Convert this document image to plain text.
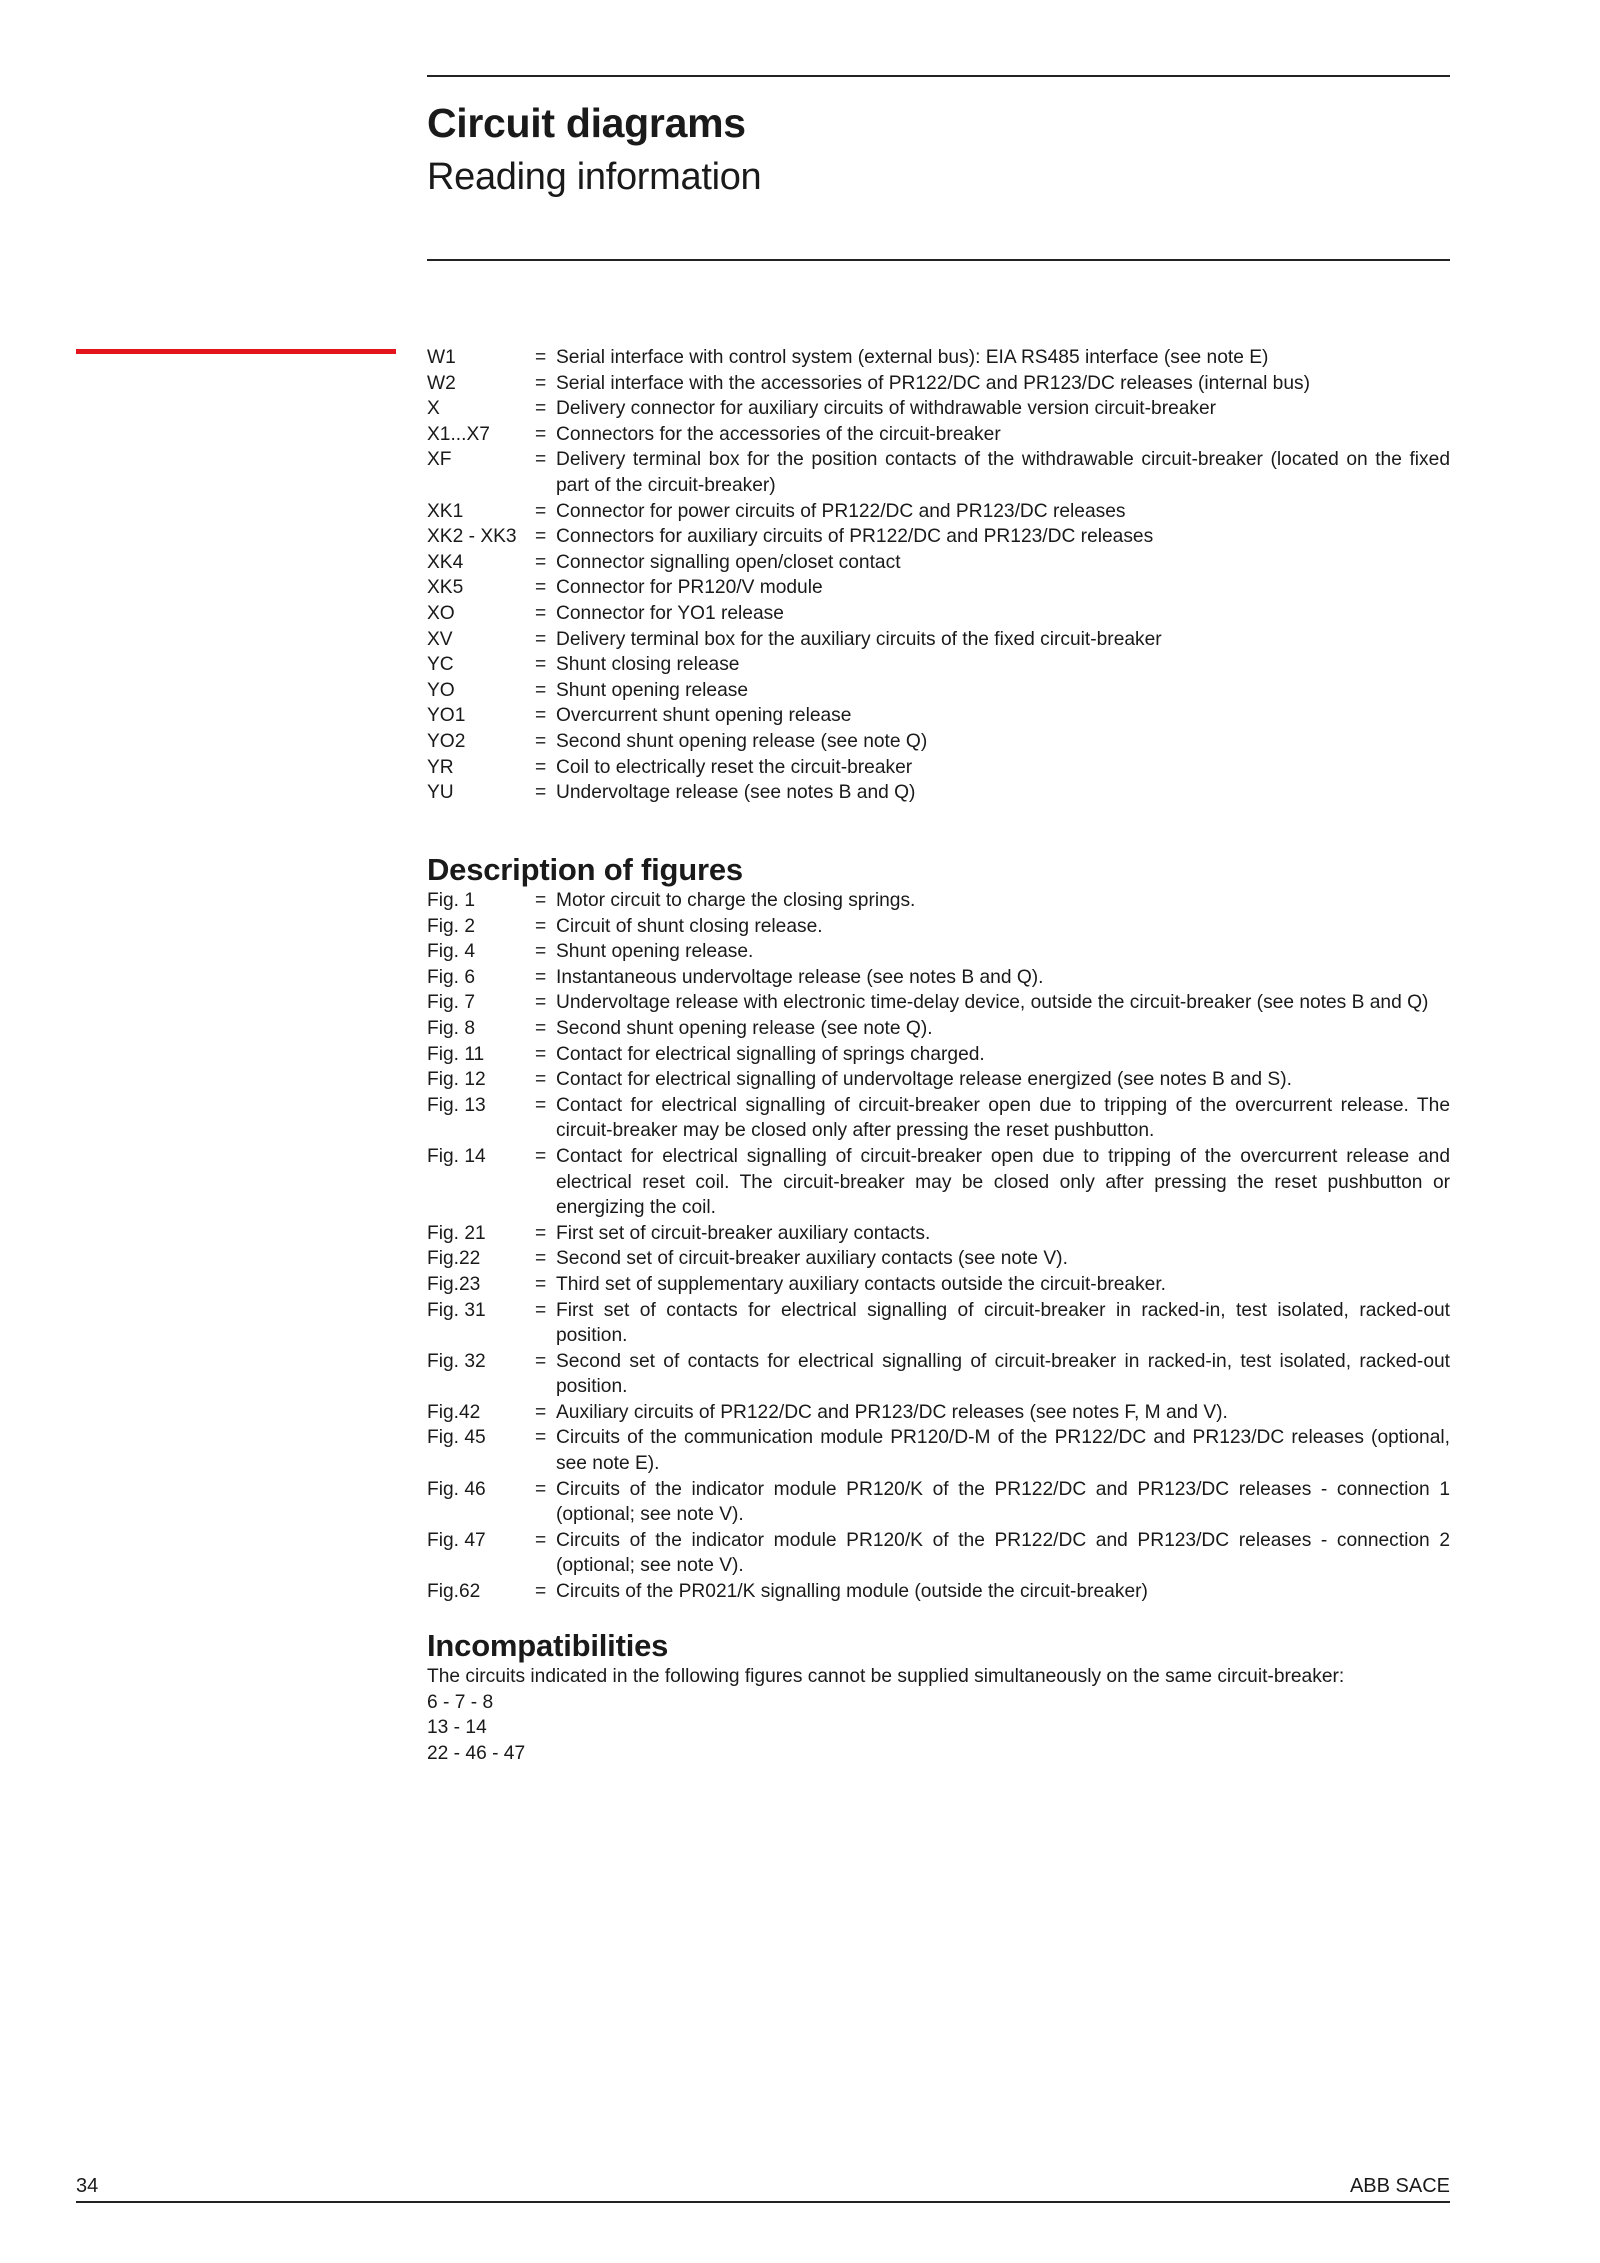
Circuit diagrams
Reading information
W1	= Serial interface with control system (external bus): EIA RS485 interface (see note E)
W2	= Serial interface with the accessories of PR122/DC and PR123/DC releases (internal bus)
X	= Delivery connector for auxiliary circuits of withdrawable version circuit-breaker
X1...X7	= Connectors for the accessories of the circuit-breaker
XF	= Delivery terminal box for the position contacts of the withdrawable circuit-breaker (located on the fixed part of the circuit-breaker)
XK1	= Connector for power circuits of PR122/DC and PR123/DC releases
XK2 - XK3 = Connectors for auxiliary circuits of PR122/DC and PR123/DC releases
XK4	= Connector signalling open/closet contact
XK5	= Connector for PR120/V module
XO	= Connector for YO1 release
XV	= Delivery terminal box for the auxiliary circuits of the fixed circuit-breaker
YC	= Shunt closing release
YO	= Shunt opening release
YO1	= Overcurrent shunt opening release
YO2	= Second shunt opening release (see note Q)
YR	= Coil to electrically reset the circuit-breaker
YU	= Undervoltage release (see notes B and Q)
Description of figures
Fig. 1	= Motor circuit to charge the closing springs.
Fig. 2	= Circuit of shunt closing release.
Fig. 4	= Shunt opening release.
Fig. 6	= Instantaneous undervoltage release (see notes B and Q).
Fig. 7	= Undervoltage release with electronic time-delay device, outside the circuit-breaker (see notes B and Q)
Fig. 8	= Second shunt opening release (see note Q).
Fig. 11	= Contact for electrical signalling of springs charged.
Fig. 12	= Contact for electrical signalling of undervoltage release energized (see notes B and S).
Fig. 13	= Contact for electrical signalling of circuit-breaker open due to tripping of the overcurrent release. The circuit-breaker may be closed only after pressing the reset pushbutton.
Fig. 14	= Contact for electrical signalling of circuit-breaker open due to tripping of the overcurrent release and electrical reset coil. The circuit-breaker may be closed only after pressing the reset pushbutton or energizing the coil.
Fig. 21	= First set of circuit-breaker auxiliary contacts.
Fig.22	= Second set of circuit-breaker auxiliary contacts (see note V).
Fig.23	= Third set of supplementary auxiliary contacts outside the circuit-breaker.
Fig. 31	= First set of contacts for electrical signalling of circuit-breaker in racked-in, test isolated, racked-out position.
Fig. 32	= Second set of contacts for electrical signalling of circuit-breaker in racked-in, test isolated, racked-out position.
Fig.42	= Auxiliary circuits of PR122/DC and PR123/DC releases (see notes F, M and V).
Fig. 45	= Circuits of the communication module PR120/D-M of the PR122/DC and PR123/DC releases (optional, see note E).
Fig. 46	= Circuits of the indicator module PR120/K of the PR122/DC and PR123/DC releases - connection 1 (optional; see note V).
Fig. 47	= Circuits of the indicator module PR120/K of the PR122/DC and PR123/DC releases - connection 2 (optional; see note V).
Fig.62	= Circuits of the PR021/K signalling module (outside the circuit-breaker)
Incompatibilities
The circuits indicated in the following figures cannot be supplied simultaneously on the same circuit-breaker:
6 - 7 - 8
13 - 14
22 - 46 - 47
34	ABB SACE
